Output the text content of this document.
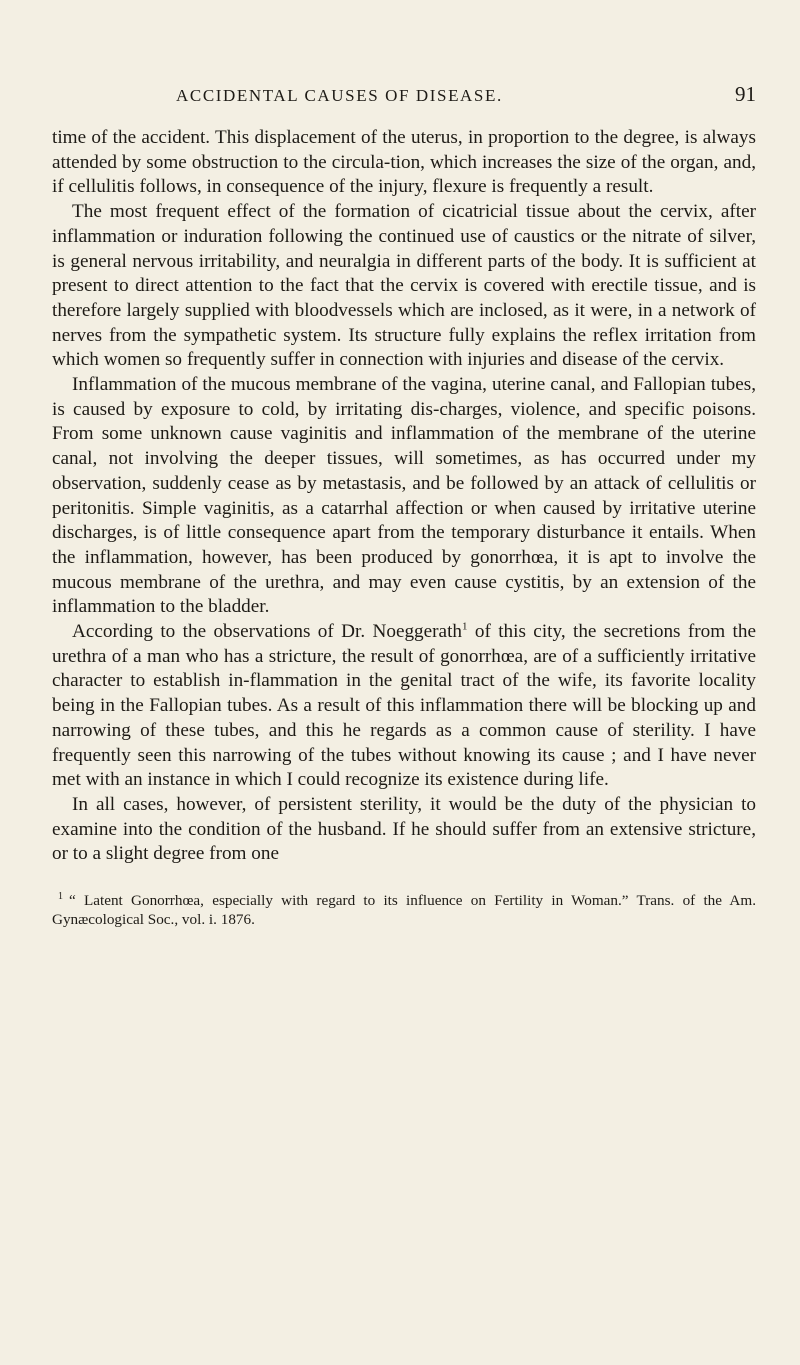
ACCIDENTAL CAUSES OF DISEASE.	91

time of the accident. This displacement of the uterus, in proportion to the degree, is always attended by some obstruction to the circula-tion, which increases the size of the organ, and, if cellulitis follows, in consequence of the injury, flexure is frequently a result.

The most frequent effect of the formation of cicatricial tissue about the cervix, after inflammation or induration following the continued use of caustics or the nitrate of silver, is general nervous irritability, and neuralgia in different parts of the body. It is sufficient at present to direct attention to the fact that the cervix is covered with erectile tissue, and is therefore largely supplied with bloodvessels which are inclosed, as it were, in a network of nerves from the sympathetic system. Its structure fully explains the reflex irritation from which women so frequently suffer in connection with injuries and disease of the cervix.

Inflammation of the mucous membrane of the vagina, uterine canal, and Fallopian tubes, is caused by exposure to cold, by irritating dis-charges, violence, and specific poisons. From some unknown cause vaginitis and inflammation of the membrane of the uterine canal, not involving the deeper tissues, will sometimes, as has occurred under my observation, suddenly cease as by metastasis, and be followed by an attack of cellulitis or peritonitis. Simple vaginitis, as a catarrhal affection or when caused by irritative uterine discharges, is of little consequence apart from the temporary disturbance it entails. When the inflammation, however, has been produced by gonorrhœa, it is apt to involve the mucous membrane of the urethra, and may even cause cystitis, by an extension of the inflammation to the bladder.

According to the observations of Dr. Noeggerath$^1$ of this city, the secretions from the urethra of a man who has a stricture, the result of gonorrhœa, are of a sufficiently irritative character to establish in-flammation in the genital tract of the wife, its favorite locality being in the Fallopian tubes. As a result of this inflammation there will be blocking up and narrowing of these tubes, and this he regards as a common cause of sterility. I have frequently seen this narrowing of the tubes without knowing its cause ; and I have never met with an instance in which I could recognize its existence during life.

In all cases, however, of persistent sterility, it would be the duty of the physician to examine into the condition of the husband. If he should suffer from an extensive stricture, or to a slight degree from one

$^1$ “ Latent Gonorrhœa, especially with regard to its influence on Fertility in Woman.” Trans. of the Am. Gynæcological Soc., vol. i. 1876.
